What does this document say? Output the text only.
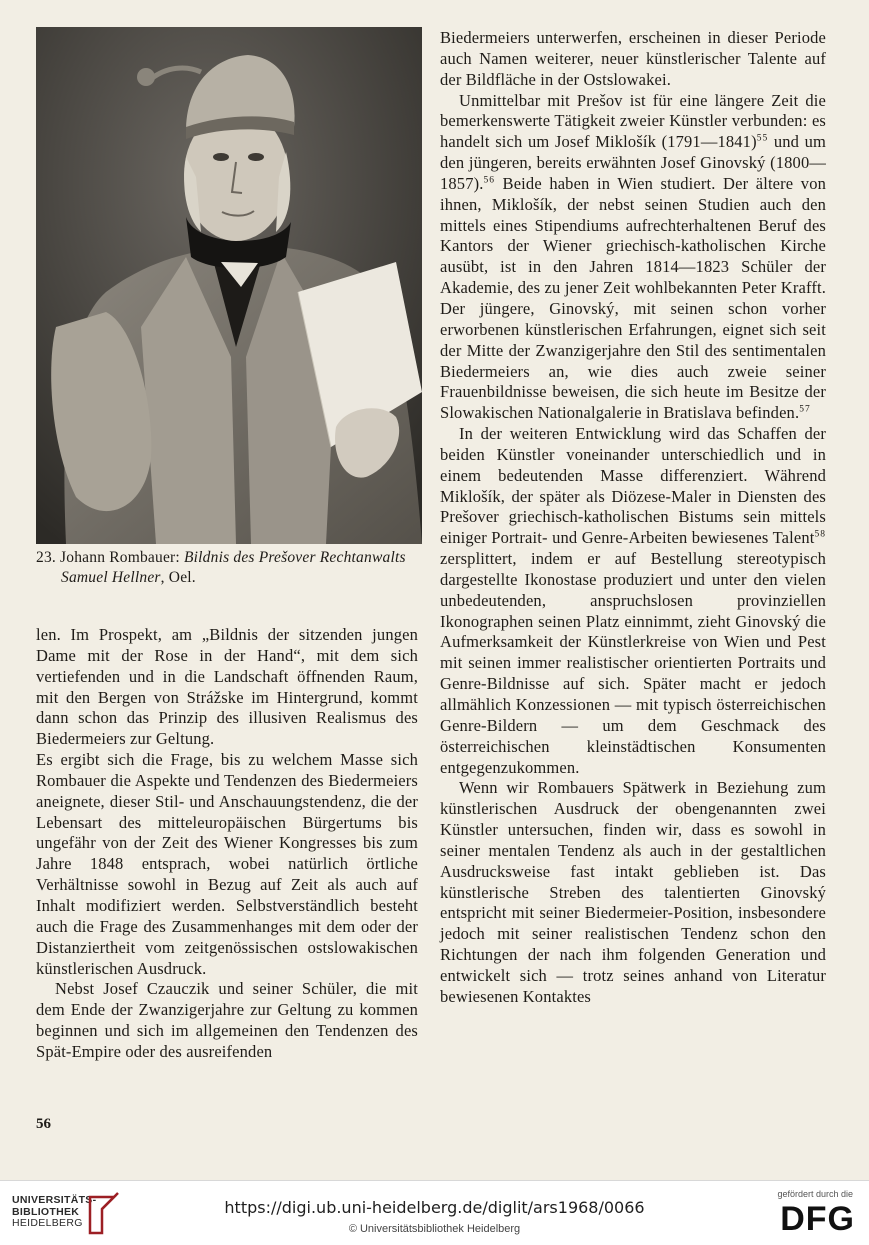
23. Johann Rombauer: Bildnis des Prešover Rechtanwalts
Samuel Hellner, Oel.

len. Im Prospekt, am „Bildnis der sitzenden jungen Dame mit der Rose in der Hand“, mit dem sich vertiefenden und in die Landschaft öffnenden Raum, mit den Bergen von Strážske im Hintergrund, kommt dann schon das Prinzip des illusiven Realismus des Biedermeiers zur Geltung.

Es ergibt sich die Frage, bis zu welchem Masse sich Rombauer die Aspekte und Tendenzen des Biedermeiers aneignete, dieser Stil- und Anschauungstendenz, die der Lebensart des mitteleuropäischen Bürgertums bis ungefähr von der Zeit des Wiener Kongresses bis zum Jahre 1848 entsprach, wobei natürlich örtliche Verhältnisse sowohl in Bezug auf Zeit als auch auf Inhalt modifiziert werden. Selbstverständlich besteht auch die Frage des Zusammenhanges mit dem oder der Distanziertheit vom zeitgenössischen ostslowakischen künstlerischen Ausdruck.

Nebst Josef Czauczik und seiner Schüler, die mit dem Ende der Zwanzigerjahre zur Geltung zu kommen beginnen und sich im allgemeinen den Tendenzen des Spät-Empire oder des ausreifenden

Biedermeiers unterwerfen, erscheinen in dieser Periode auch Namen weiterer, neuer künstlerischer Talente auf der Bildfläche in der Ostslowakei.

Unmittelbar mit Prešov ist für eine längere Zeit die bemerkenswerte Tätigkeit zweier Künstler verbunden: es handelt sich um Josef Miklošík (1791—1841)$^{55}$ und um den jüngeren, bereits erwähnten Josef Ginovský (1800—1857).$^{56}$ Beide haben in Wien studiert. Der ältere von ihnen, Miklošík, der nebst seinen Studien auch den mittels eines Stipendiums aufrechterhaltenen Beruf des Kantors der Wiener griechisch-katholischen Kirche ausübt, ist in den Jahren 1814—1823 Schüler der Akademie, des zu jener Zeit wohlbekannten Peter Krafft. Der jüngere, Ginovský, mit seinen schon vorher erworbenen künstlerischen Erfahrungen, eignet sich seit der Mitte der Zwanzigerjahre den Stil des sentimentalen Biedermeiers an, wie dies auch zweie seiner Frauenbildnisse beweisen, die sich heute im Besitze der Slowakischen Nationalgalerie in Bratislava befinden.$^{57}$

In der weiteren Entwicklung wird das Schaffen der beiden Künstler voneinander unterschiedlich und in einem bedeutenden Masse differenziert. Während Miklošík, der später als Diözese-Maler in Diensten des Prešover griechisch-katholischen Bistums sein mittels einiger Portrait- und Genre-Arbeiten bewiesenes Talent$^{58}$ zersplittert, indem er auf Bestellung stereotypisch dargestellte Ikonostase produziert und unter den vielen unbedeutenden, anspruchslosen provinziellen Ikonographen seinen Platz einnimmt, zieht Ginovský die Aufmerksamkeit der Künstlerkreise von Wien und Pest mit seinen immer realistischer orientierten Portraits und Genre-Bildnisse auf sich. Später macht er jedoch allmählich Konzessionen — mit typisch österreichischen Genre-Bildern — um dem Geschmack des österreichischen kleinstädtischen Konsumenten entgegenzukommen.

Wenn wir Rombauers Spätwerk in Beziehung zum künstlerischen Ausdruck der obengenannten zwei Künstler untersuchen, finden wir, dass es sowohl in seiner mentalen Tendenz als auch in der gestaltlichen Ausdrucksweise fast intakt geblieben ist. Das künstlerische Streben des talentierten Ginovský entspricht mit seiner Biedermeier-Position, insbesondere jedoch mit seiner realistischen Tendenz schon den Richtungen der nach ihm folgenden Generation und entwickelt sich — trotz seines anhand von Literatur bewiesenen Kontaktes

56
UNIVERSITÄTS-
BIBLIOTHEK
HEIDELBERG
https://digi.ub.uni-heidelberg.de/diglit/ars1968/0066
© Universitätsbibliothek Heidelberg
gefördert durch die
DFG
